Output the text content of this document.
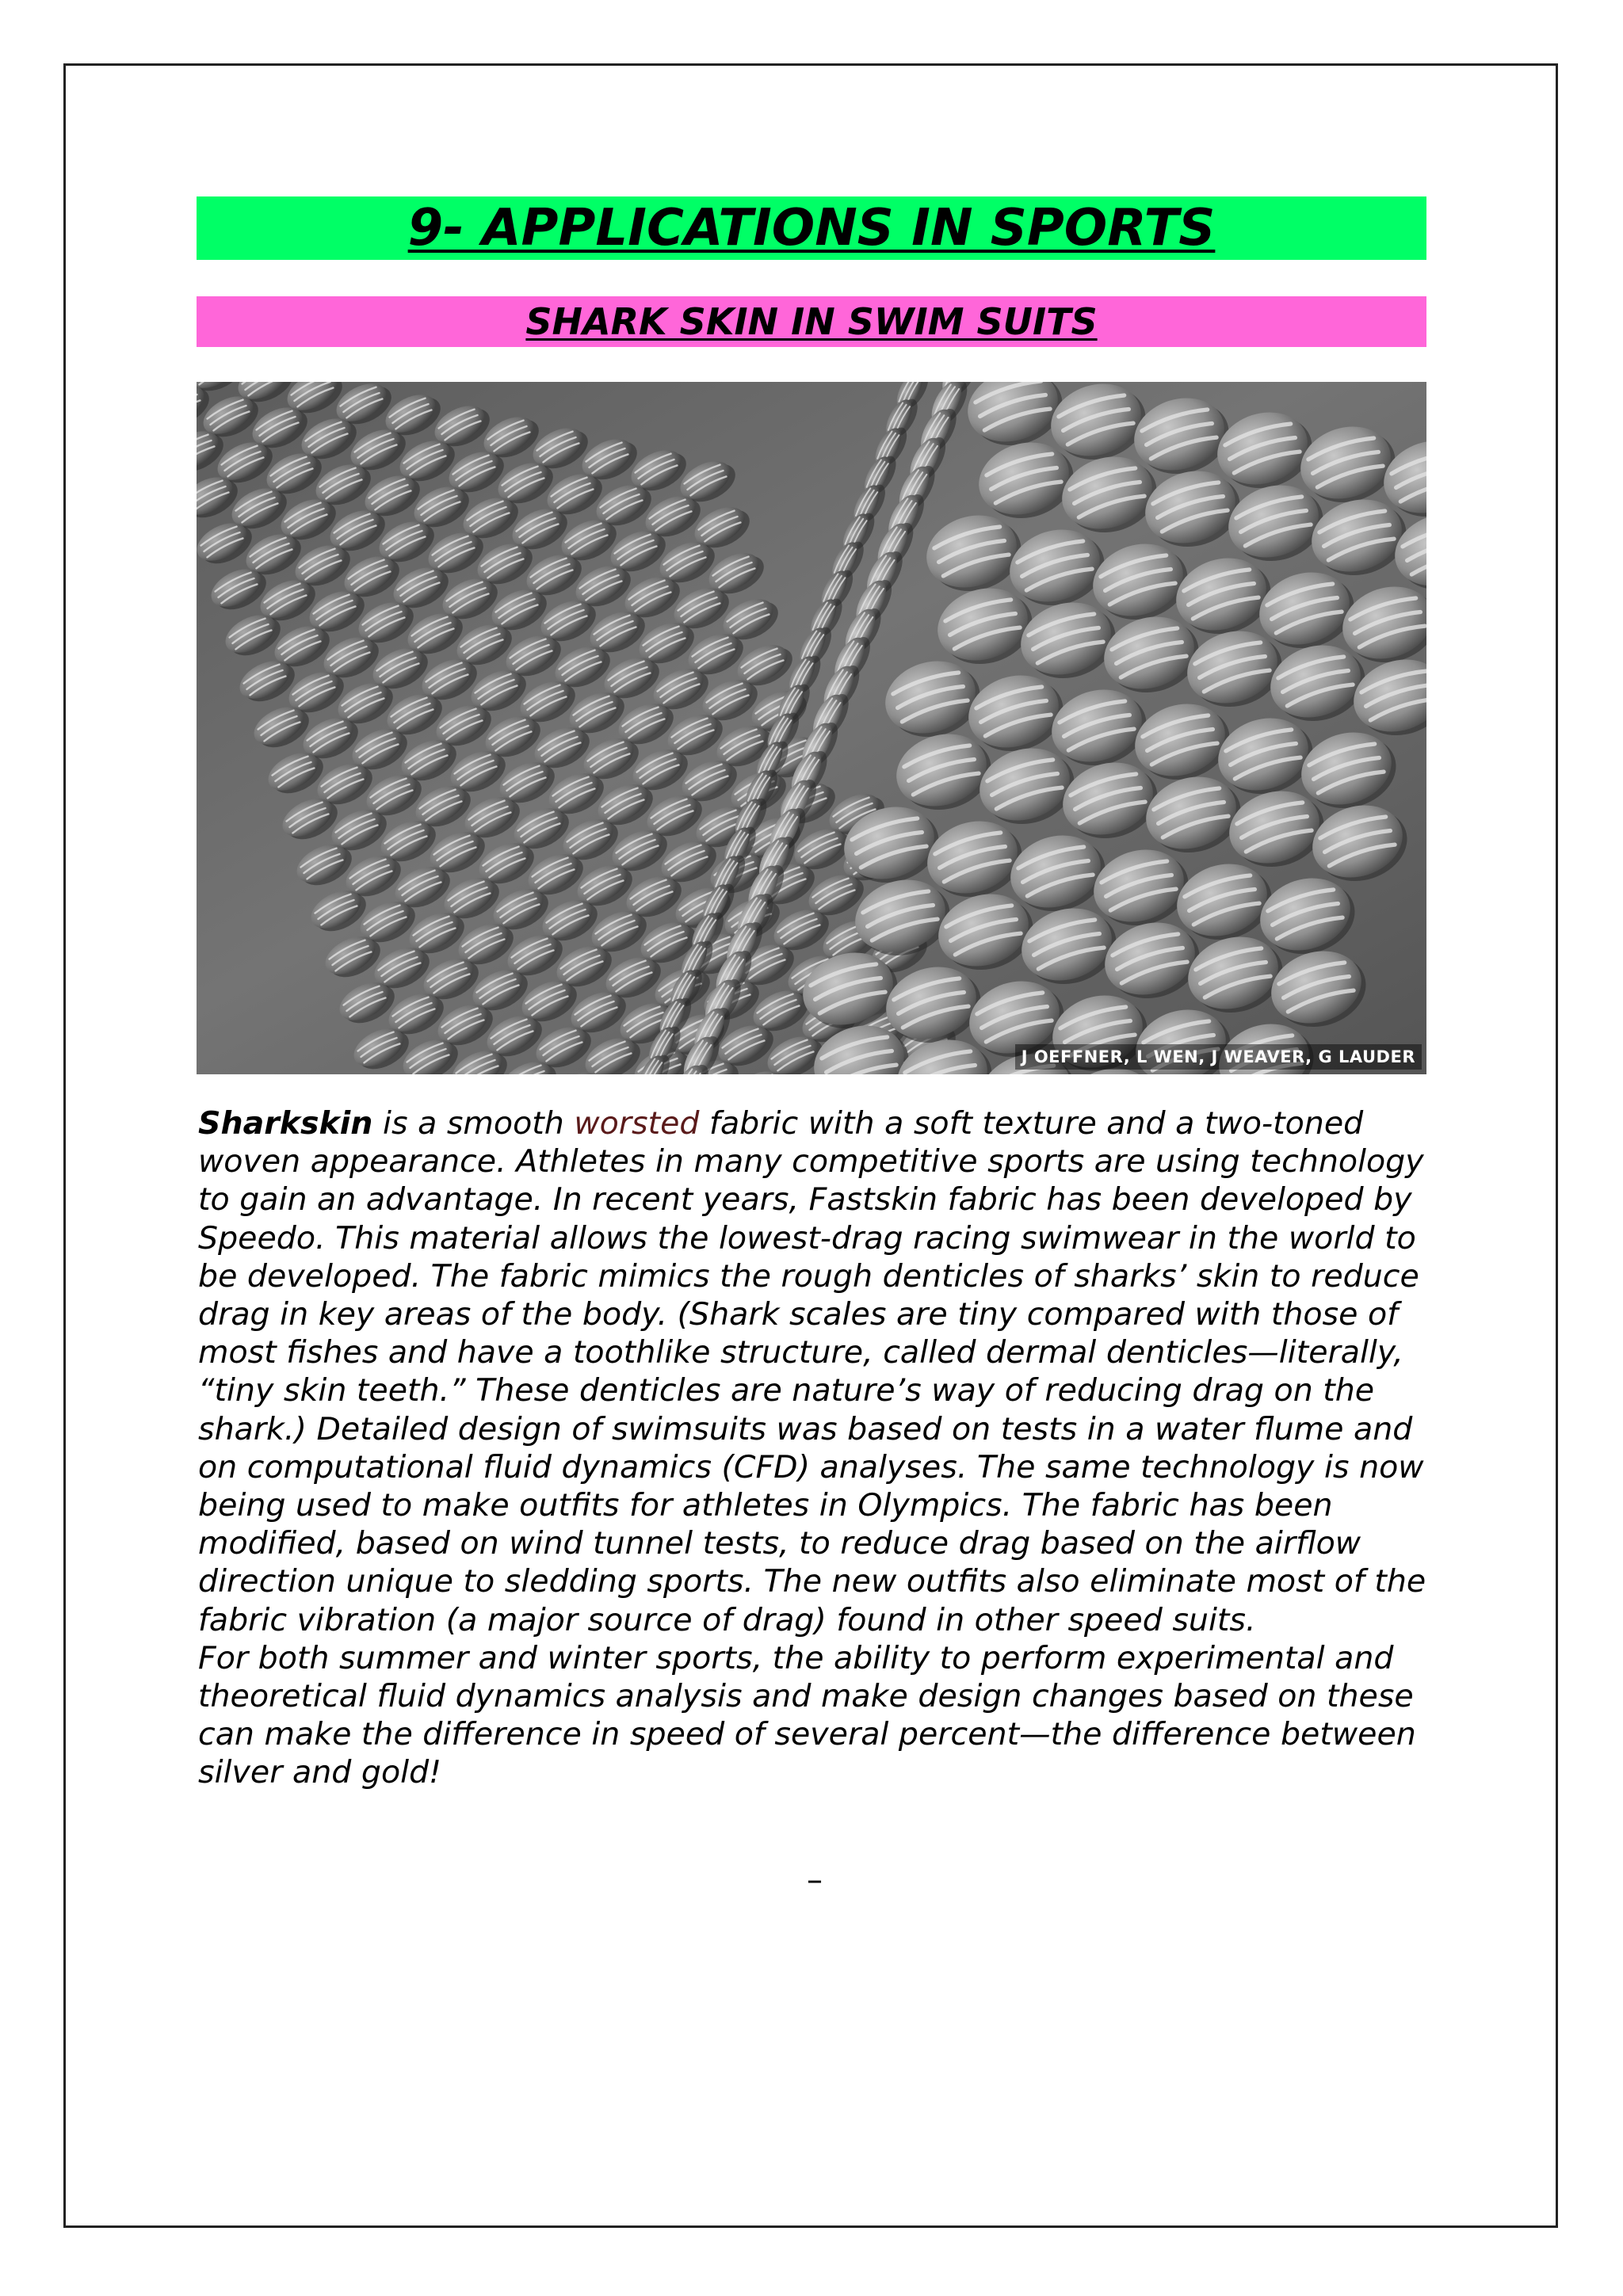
9- APPLICATIONS IN SPORTS
SHARK SKIN IN SWIM SUITS
J OEFFNER, L WEN, J WEAVER, G LAUDER

Sharkskin is a smooth worsted fabric with a soft texture and a two-toned woven appearance. Athletes in many competitive sports are using technology to gain an advantage. In recent years, Fastskin fabric has been developed by Speedo. This material allows the lowest-drag racing swimwear in the world to be developed. The fabric mimics the rough denticles of sharks’ skin to reduce drag in key areas of the body. (Shark scales are tiny compared with those of most fishes and have a toothlike structure, called dermal denticles—literally, “tiny skin teeth.” These denticles are nature’s way of reducing drag on the shark.) Detailed design of swimsuits was based on tests in a water flume and on computational fluid dynamics (CFD) analyses. The same technology is now being used to make outfits for athletes in Olympics. The fabric has been modified, based on wind tunnel tests, to reduce drag based on the airflow direction unique to sledding sports. The new outfits also eliminate most of the fabric vibration (a major source of drag) found in other speed suits.

For both summer and winter sports, the ability to perform experimental and theoretical fluid dynamics analysis and make design changes based on these can make the difference in speed of several percent—the difference between silver and gold!

–
